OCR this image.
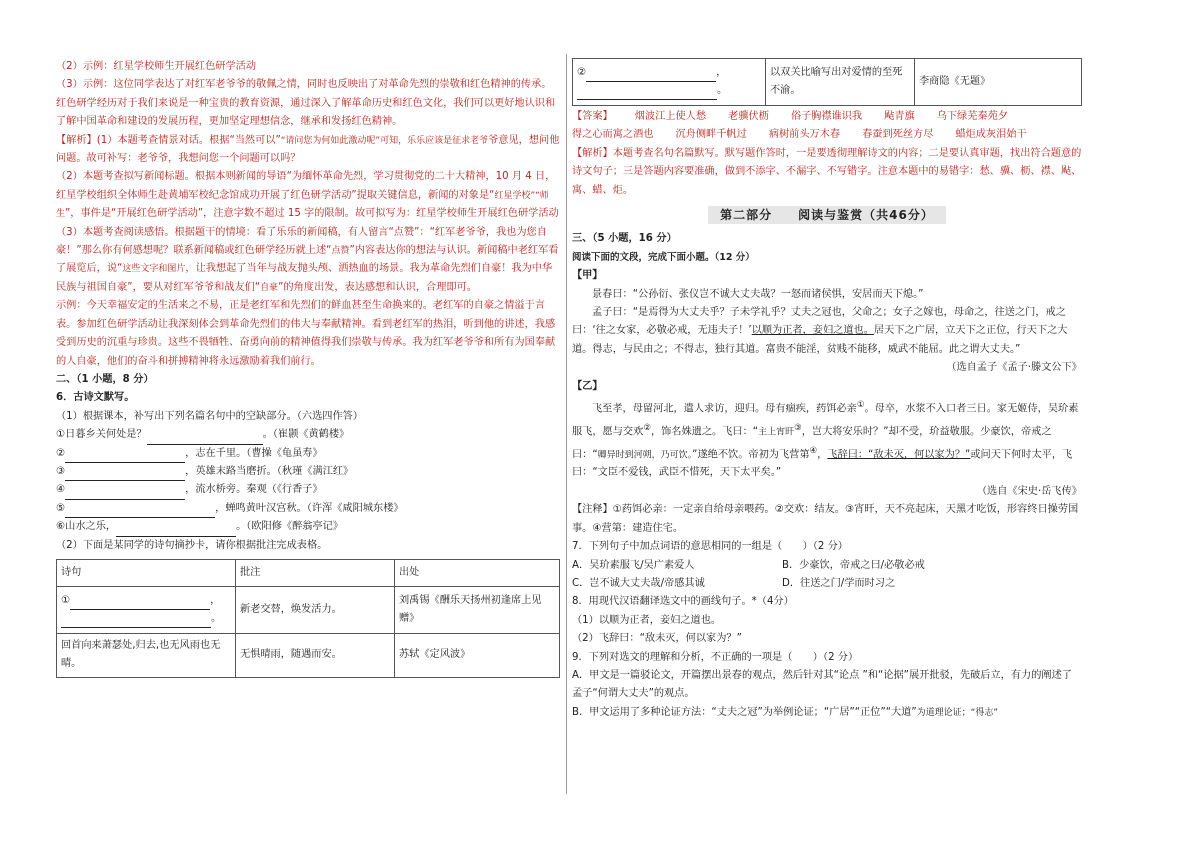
（2）示例：红星学校师生开展红色研学活动

（3）示例：这位同学表达了对红军老爷爷的敬佩之情，同时也反映出了对革命先烈的崇敬和红色精神的传承。红色研学经历对于我们来说是一种宝贵的教育资源，通过深入了解革命历史和红色文化，我们可以更好地认识和了解中国革命和建设的发展历程，更加坚定理想信念，继承和发扬红色精神。

【解析】(1）本题考查情景对话。根据“当然可以”“请问您为何如此激动呢”可知，乐乐应该是征求老爷爷意见，想问他问题。故可补写：老爷爷，我想问您一个问题可以吗？

（2）本题考查拟写新闻标题。根据本则新闻的导语“为缅怀革命先烈，学习贯彻党的二十大精神，10 月 4 日，红星学校组织全体师生赴黄埔军校纪念馆成功开展了红色研学活动”提取关键信息，新闻的对象是“红星学校”“师生”，事件是“开展红色研学活动”，注意字数不超过 15 字的限制。故可拟写为：红星学校师生开展红色研学活动

（3）本题考查阅读感悟。根据题干的情境：看了乐乐的新闻稿，有人留言“点赞”：“红军老爷爷，我也为您自豪！”那么你有何感想呢？联系新闻稿或红色研学经历就上述“点赞”内容表达你的想法与认识。新闻稿中老红军看了展览后，说“这些文字和图片，让我想起了当年与战友抛头颅、洒热血的场景。我为革命先烈们自豪！我为中华民族与祖国自豪”，要从对红军爷爷和战友们“自豪”的角度出发，表达感想和认识，合理即可。

示例：今天幸福安定的生活来之不易，正是老红军和先烈们的鲜血甚至生命换来的。老红军的自豪之情溢于言表。参加红色研学活动让我深刻体会到革命先烈们的伟大与奉献精神。看到老红军的热泪，听到他的讲述，我感受到历史的沉重与珍贵。这些不畏牺牲、奋勇向前的精神值得我们崇敬与传承。我为红军老爷爷和所有为国奉献的人自豪，他们的奋斗和拼搏精神将永远激励着我们前行。

二、（1 小题，8 分）

6．古诗文默写。

（1）根据课本，补写出下列名篇名句中的空缺部分。（六选四作答）

①日暮乡关何处是？	。（崔颢《黄鹤楼》

②	，志在千里。（曹操《龟虽寿》

③	，英雄末路当磨折。（秋瑾《满江红》

④	，流水桥旁。秦观（《行香子》

⑤	，蝉鸣黄叶汉宫秋。（许浑《咸阳城东楼》

⑥山水之乐，	。（欧阳修《醉翁亭记》

（2）下面是某同学的诗句摘抄卡，请你根据批注完成表格。

诗句	批注	出处
① ，
。	新老交替，焕发活力。	刘禹锡《酬乐天扬州初逢席上见赠》
回首向来萧瑟处,归去,也无风雨也无晴。	无惧晴雨，随遇而安。	苏轼《定风波》
②	，
。	以双关比喻写出对爱情的至死不渝。	李商隐《无题》
【答案】 烟波江上使人愁 老骥伏枥 俗子胸襟谁识我 飐青旗 乌下绿芜秦苑夕
得之心而寓之酒也 沉舟侧畔千帆过 病树前头万木春 春蚕到死丝方尽 蜡炬成灰泪始干

【解析】本题考查名句名篇默写。默写题作答时，一是要透彻理解诗文的内容；二是要认真审题，找出符合题意的诗文句子；三是答题内容要准确，做到不添字、不漏字、不写错字。注意本题中的易错字：愁、骥、枥、襟、飐、寓、蜡、炬。

第二部分　　阅读与鉴赏（共46分）

三、（5 小题，16 分）

阅读下面的文段，完成下面小题。（12 分）

【甲】

景春曰：“公孙衍、张仪岂不诚大丈夫哉？一怒而诸侯惧，安居而天下熄。”

孟子曰：“是焉得为大丈夫乎？子未学礼乎？丈夫之冠也，父命之；女子之嫁也，母命之，往送之门，戒之曰：‘往之女家，必敬必戒，无违夫子！’以顺为正者，妾妇之道也。居天下之广居，立天下之正位，行天下之大道。得志，与民由之；不得志，独行其道。富贵不能淫，贫贱不能移，威武不能屈。此之谓大丈夫。”

（选自孟子《孟子·滕文公下》

【乙】

飞至孝，母留河北，遣人求访，迎归。母有痼疾，药饵必亲①。母卒，水浆不入口者三日。家无姬侍，吴玠素服飞，愿与交欢②，饰名姝遗之。飞曰：“主上宵旰③，岂大将安乐时？”却不受，玠益敬服。少豪饮，帝戒之曰：“卿异时到河朔，乃可饮。”遂绝不饮。帝初为飞营第④，飞辞曰：“敌未灭，何以家为？”或问天下何时太平，飞曰：“文臣不爱钱，武臣不惜死，天下太平矣。”

（选自《宋史·岳飞传》

【注释】①药饵必亲：一定亲自给母亲喂药。②交欢：结友。③宵旰，天不亮起床，天黑才吃饭，形容终日操劳国事。④营第：建造住宅。

7．下列句子中加点词语的意思相同的一组是（　　）（2 分）

A．吴玠素服飞/吴广素爱人	B．少豪饮，帝戒之曰/必敬必戒
C．岂不诚大丈夫哉/帝感其诚	D．往送之门/学而时习之

8．用现代汉语翻译选文中的画线句子。*（4分）

（1）以顺为正者，妾妇之道也。

（2）飞辞曰：“敌未灭，何以家为？”

9．下列对选文的理解和分析，不正确的一项是（　　）（2 分）

A．甲文是一篇驳论文，开篇摆出景春的观点，然后针对其“论点 ”和“论据”展开批驳，先破后立，有力的阐述了孟子“何谓大丈夫”的观点。

B．甲文运用了多种论证方法：“丈夫之冠”为举例论证；“广居”“正位”“大道”为道理论证；“得志”
